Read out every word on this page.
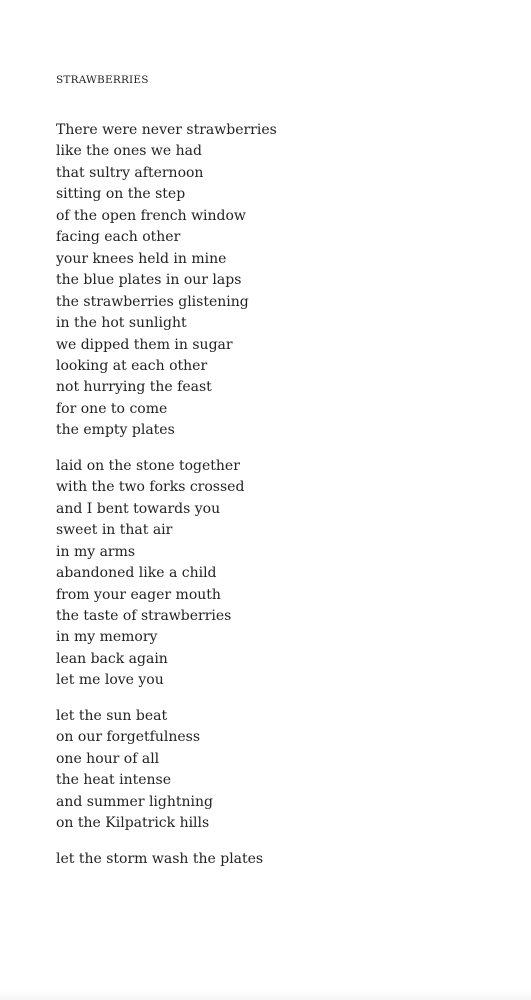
STRAWBERRIES
There were never strawberries
like the ones we had
that sultry afternoon
sitting on the step
of the open french window
facing each other
your knees held in mine
the blue plates in our laps
the strawberries glistening
in the hot sunlight
we dipped them in sugar
looking at each other
not hurrying the feast
for one to come
the empty plates
laid on the stone together
with the two forks crossed
and I bent towards you
sweet in that air
in my arms
abandoned like a child
from your eager mouth
the taste of strawberries
in my memory
lean back again
let me love you
let the sun beat
on our forgetfulness
one hour of all
the heat intense
and summer lightning
on the Kilpatrick hills
let the storm wash the plates
